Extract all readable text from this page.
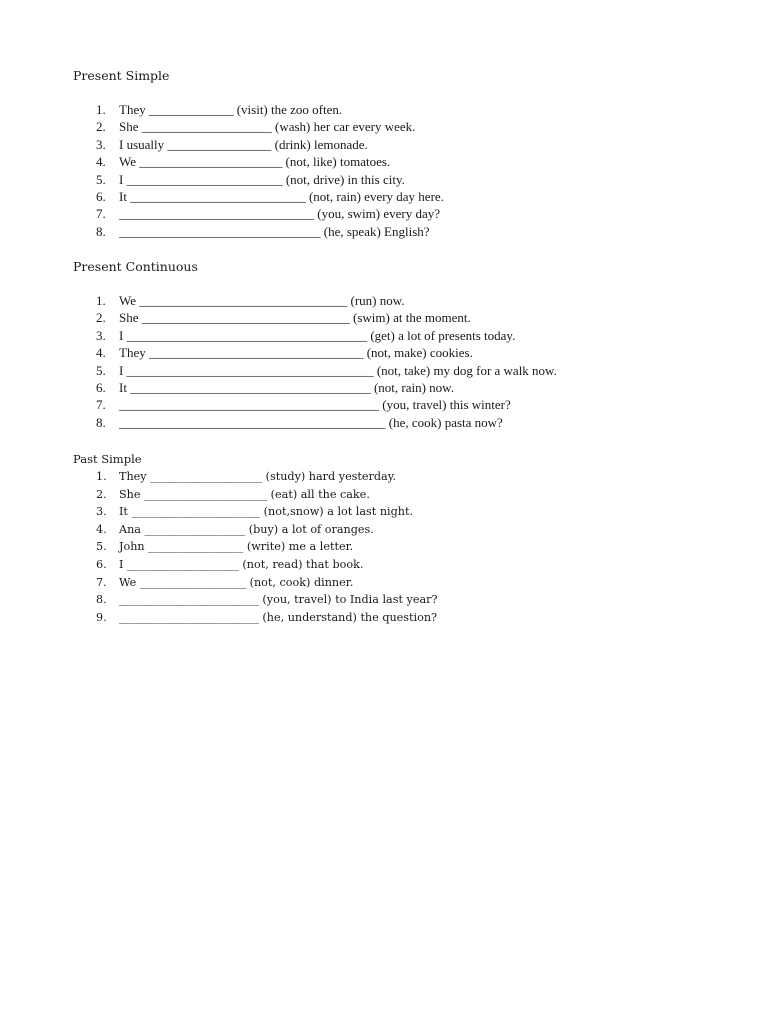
Present Simple
1.	They _____________ (visit) the zoo often.
2.	She ____________________ (wash) her car every week.
3.	I usually ________________ (drink) lemonade.
4.	We ______________________ (not, like) tomatoes.
5.	I ________________________ (not, drive) in this city.
6.	It ___________________________ (not, rain) every day here.
7.	______________________________ (you, swim) every day?
8.	_______________________________ (he, speak) English?
Present Continuous
1.	We ________________________________ (run) now.
2.	She ________________________________ (swim) at the moment.
3.	I _____________________________________ (get) a lot of presents today.
4.	They _________________________________ (not, make) cookies.
5.	I ______________________________________ (not, take) my dog for a walk now.
6.	It _____________________________________ (not, rain) now.
7.	________________________________________ (you, travel) this winter?
8.	_________________________________________ (he, cook) pasta now?
Past Simple
1.	They ____________________ (study) hard yesterday.
2.	She ______________________ (eat) all the cake.
3.	It _______________________ (not,snow) a lot last night.
4.	Ana __________________ (buy) a lot of oranges.
5.	John _________________ (write) me a letter.
6.	I ____________________ (not, read) that book.
7.	We ___________________ (not, cook) dinner.
8.	_________________________ (you, travel) to India last year?
9.	_________________________ (he, understand) the question?
